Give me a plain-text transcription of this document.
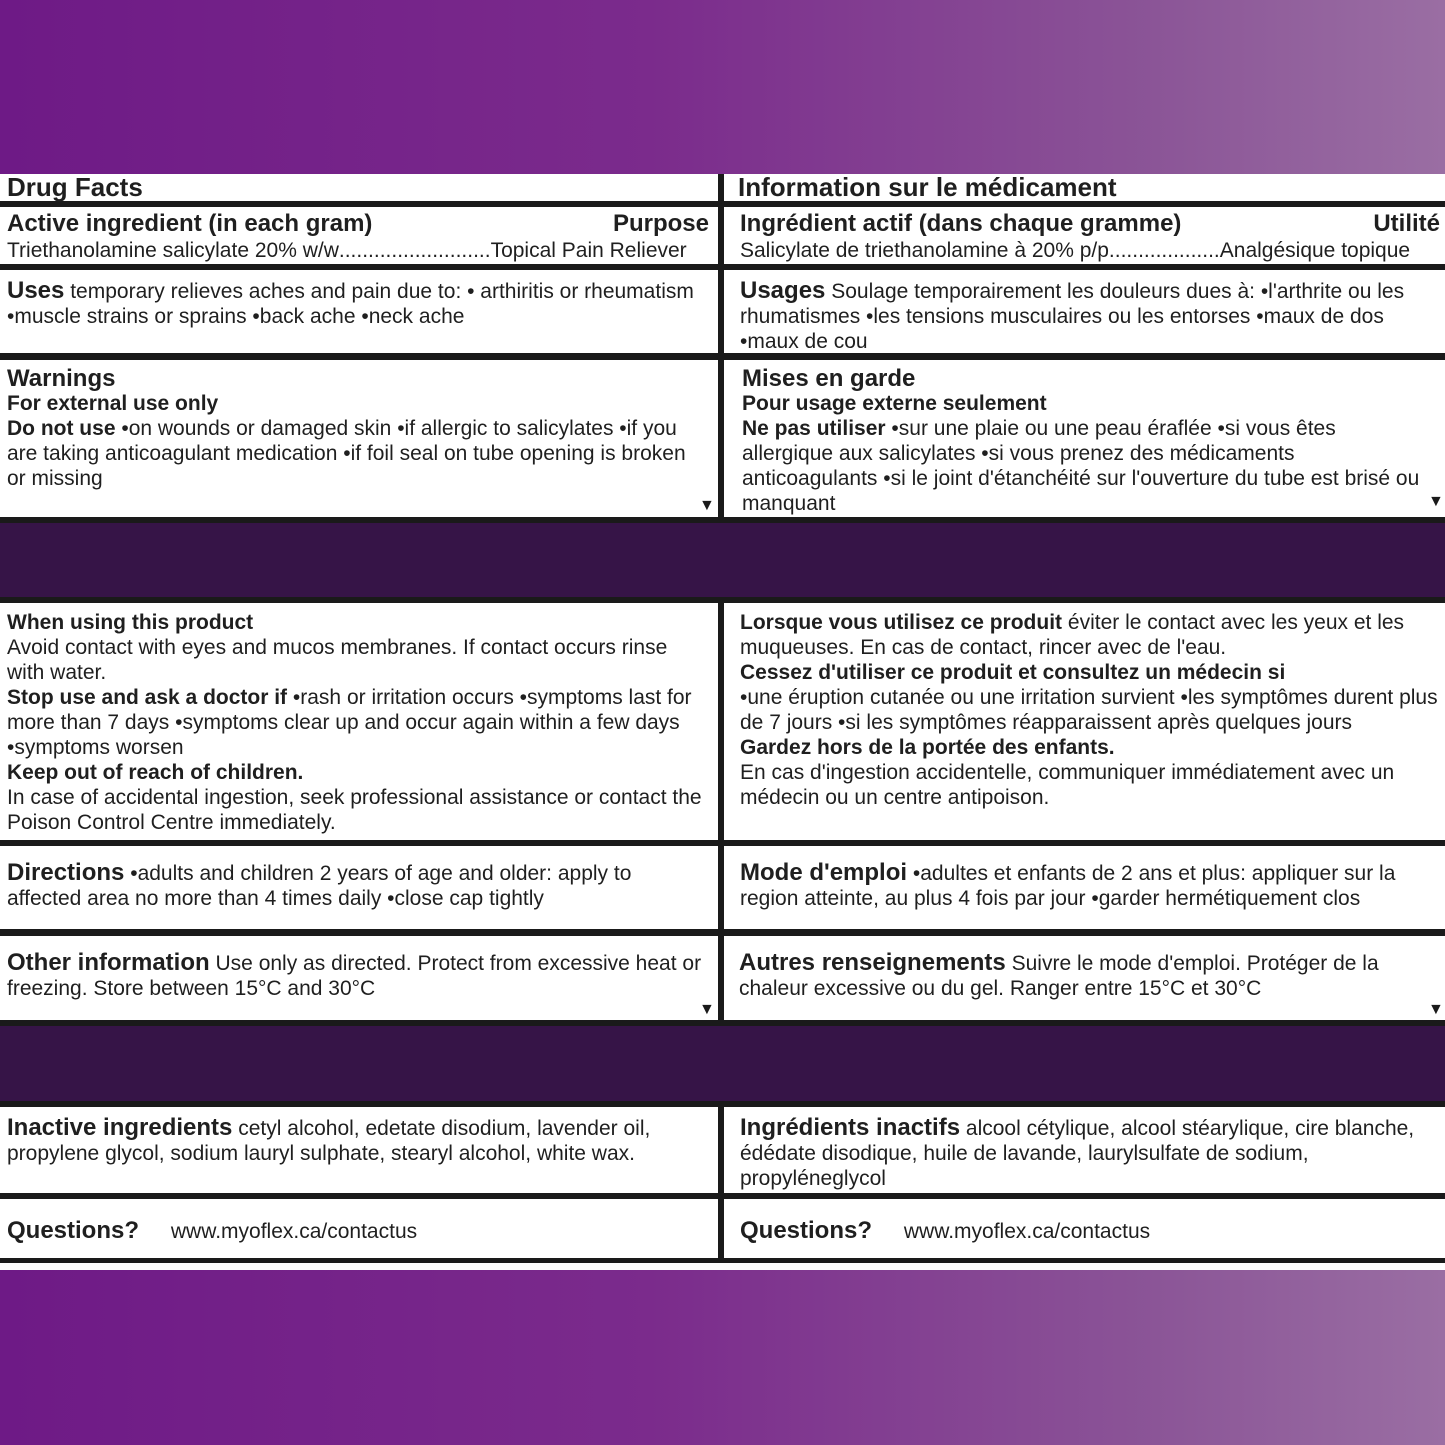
Drug Facts
Active ingredient (in each gram)	Purpose
Triethanolamine salicylate 20% w/w .......................... Topical Pain Reliever
Uses temporary relieves aches and pain due to: • arthiritis or rheumatism •muscle strains or sprains •back ache •neck ache
Warnings
For external use only
Do not use •on wounds or damaged skin •if allergic to salicylates •if you are taking anticoagulant medication •if foil seal on tube opening is broken or missing
▼
When using this product
Avoid contact with eyes and mucos membranes. If contact occurs rinse with water.
Stop use and ask a doctor if •rash or irritation occurs •symptoms last for more than 7 days •symptoms clear up and occur again within a few days •symptoms worsen
Keep out of reach of children.
In case of accidental ingestion, seek professional assistance or contact the Poison Control Centre immediately.
Directions •adults and children 2 years of age and older: apply to affected area no more than 4 times daily •close cap tightly
Other information Use only as directed. Protect from excessive heat or freezing. Store between 15°C and 30°C
▼
Inactive ingredients cetyl alcohol, edetate disodium, lavender oil, propylene glycol, sodium lauryl sulphate, stearyl alcohol, white wax.
Questions? www.myoflex.ca/contactus
Information sur le médicament
Ingrédient actif (dans chaque gramme)	Utilité
Salicylate de triethanolamine à 20% p/p ................... Analgésique topique
Usages Soulage temporairement les douleurs dues à: •l'arthrite ou les rhumatismes •les tensions musculaires ou les entorses •maux de dos •maux de cou
Mises en garde
Pour usage externe seulement
Ne pas utiliser •sur une plaie ou une peau éraflée •si vous êtes allergique aux salicylates •si vous prenez des médicaments anticoagulants •si le joint d'étanchéité sur l'ouverture du tube est brisé ou manquant	▼
Lorsque vous utilisez ce produit éviter le contact avec les yeux et les muqueuses. En cas de contact, rincer avec de l'eau.
Cessez d'utiliser ce produit et consultez un médecin si
•une éruption cutanée ou une irritation survient •les symptômes durent plus de 7 jours •si les symptômes réapparaissent après quelques jours
Gardez hors de la portée des enfants.
En cas d'ingestion accidentelle, communiquer immédiatement avec un médecin ou un centre antipoison.
Mode d'emploi •adultes et enfants de 2 ans et plus: appliquer sur la region atteinte, au plus 4 fois par jour •garder hermétiquement clos
Autres renseignements Suivre le mode d'emploi. Protéger de la chaleur excessive ou du gel. Ranger entre 15°C et 30°C
▼
Ingrédients inactifs alcool cétylique, alcool stéarylique, cire blanche, édédate disodique, huile de lavande, laurylsulfate de sodium, propyléneglycol
Questions? www.myoflex.ca/contactus
